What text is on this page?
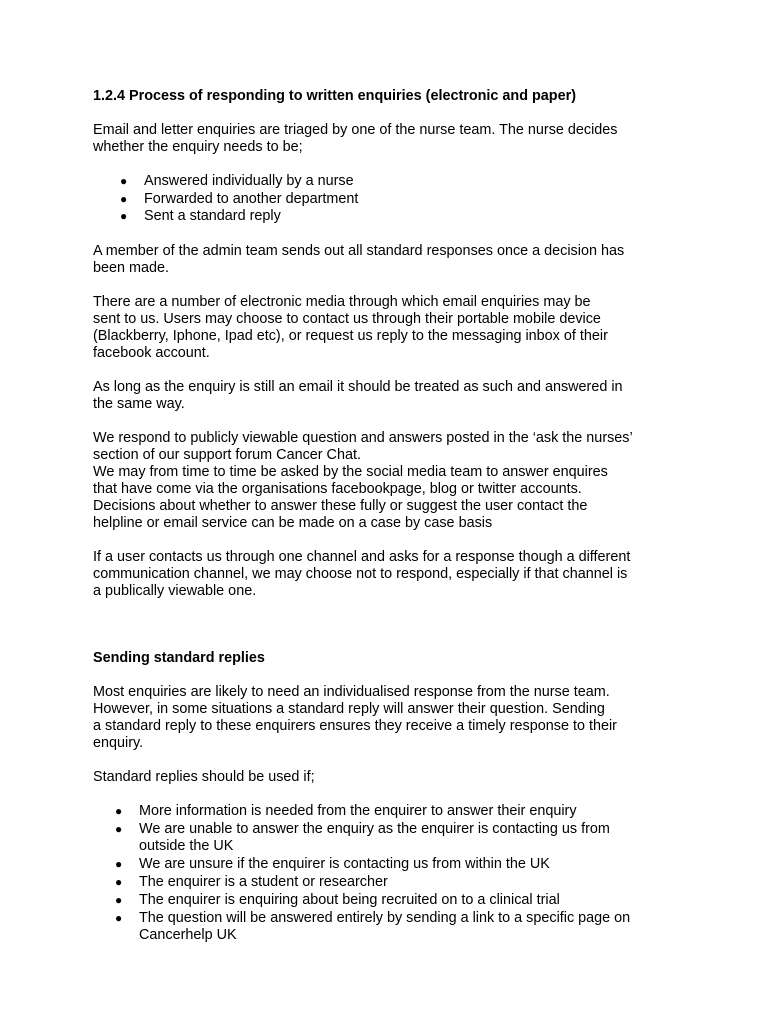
1.2.4 Process of responding to written enquiries (electronic and paper)

Email and letter enquiries are triaged by one of the nurse team. The nurse decides
whether the enquiry needs to be;

● Answered individually by a nurse
● Forwarded to another department
● Sent a standard reply

A member of the admin team sends out all standard responses once a decision has
been made.

There are a number of electronic media through which email enquiries may be
sent to us. Users may choose to contact us through their portable mobile device
(Blackberry, Iphone, Ipad etc), or request us reply to the messaging inbox of their
facebook account.

As long as the enquiry is still an email it should be treated as such and answered in
the same way.

We respond to publicly viewable question and answers posted in the ‘ask the nurses’
section of our support forum Cancer Chat.
We may from time to time be asked by the social media team to answer enquires
that have come via the organisations facebookpage, blog or twitter accounts.
Decisions about whether to answer these fully or suggest the user contact the
helpline or email service can be made on a case by case basis

If a user contacts us through one channel and asks for a response though a different
communication channel, we may choose not to respond, especially if that channel is
a publically viewable one.

Sending standard replies

Most enquiries are likely to need an individualised response from the nurse team.
However, in some situations a standard reply will answer their question. Sending
a standard reply to these enquirers ensures they receive a timely response to their
enquiry.

Standard replies should be used if;

● More information is needed from the enquirer to answer their enquiry
● We are unable to answer the enquiry as the enquirer is contacting us from
outside the UK
● We are unsure if the enquirer is contacting us from within the UK
● The enquirer is a student or researcher
● The enquirer is enquiring about being recruited on to a clinical trial
● The question will be answered entirely by sending a link to a specific page on
Cancerhelp UK
